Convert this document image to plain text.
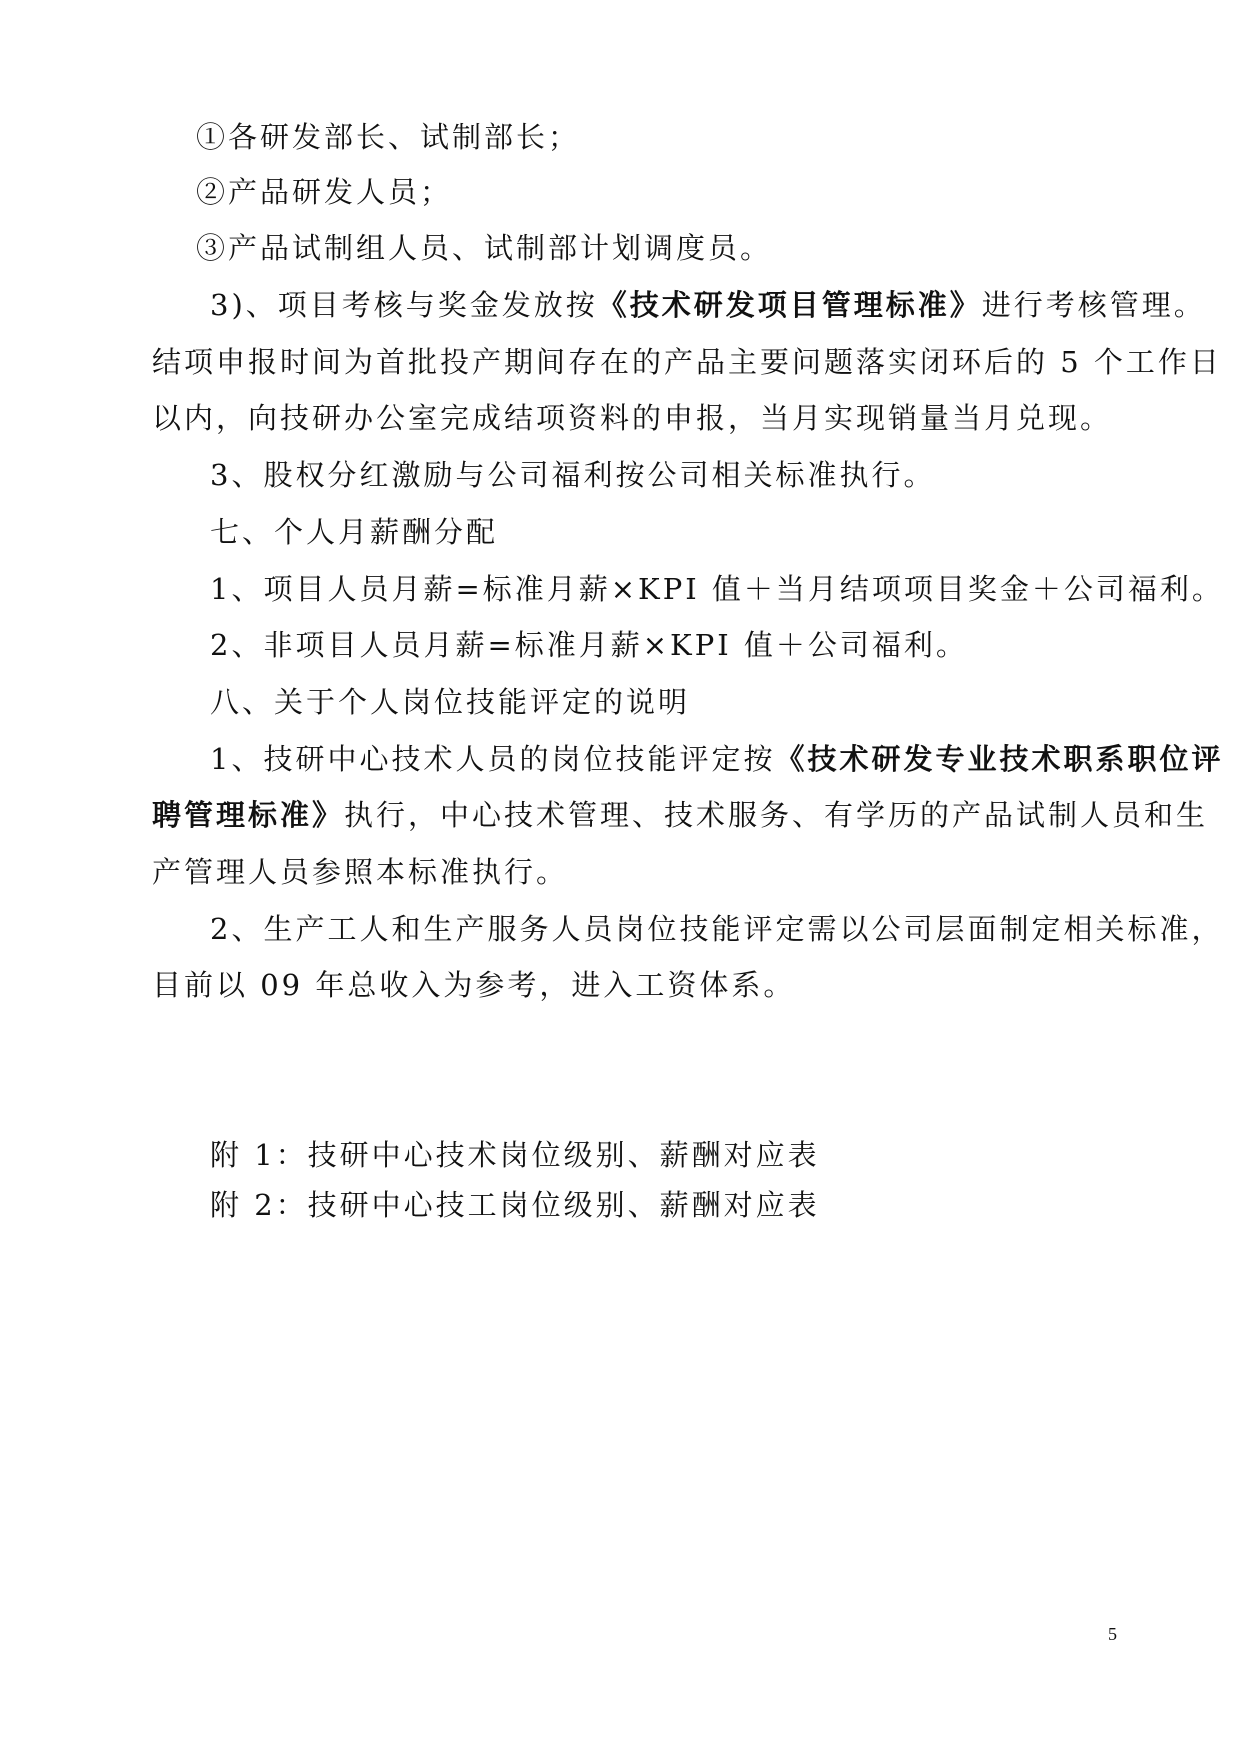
①各研发部长、试制部长；
②产品研发人员；
③产品试制组人员、试制部计划调度员。
3)、项目考核与奖金发放按《技术研发项目管理标准》进行考核管理。
结项申报时间为首批投产期间存在的产品主要问题落实闭环后的 5 个工作日
以内，向技研办公室完成结项资料的申报，当月实现销量当月兑现。
3、股权分红激励与公司福利按公司相关标准执行。
七、个人月薪酬分配
1、项目人员月薪=标准月薪×KPI 值＋当月结项项目奖金＋公司福利。
2、非项目人员月薪=标准月薪×KPI 值＋公司福利。
八、关于个人岗位技能评定的说明
1、技研中心技术人员的岗位技能评定按《技术研发专业技术职系职位评
聘管理标准》执行，中心技术管理、技术服务、有学历的产品试制人员和生
产管理人员参照本标准执行。
2、生产工人和生产服务人员岗位技能评定需以公司层面制定相关标准，
目前以 09 年总收入为参考，进入工资体系。
附 1：技研中心技术岗位级别、薪酬对应表
附 2：技研中心技工岗位级别、薪酬对应表
5
